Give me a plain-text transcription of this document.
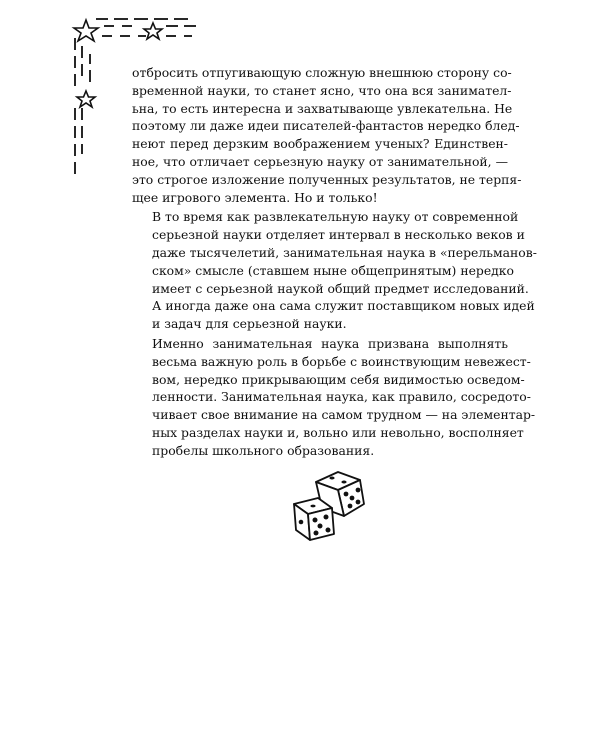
отбросить отпугивающую сложную внешнюю сторону со-
временной науки, то станет ясно, что она вся занимател-
ьна, то есть интересна и захватывающе увлекательна. Не
поэтому ли даже идеи писателей-фантастов нередко блед-
неют перед дерзким воображением ученых? Единствен-
ное, что отличает серьезную науку от занимательной, —
это строгое изложение полученных результатов, не терпя-
щее игрового элемента. Но и только!

В то время как развлекательную науку от современной
серьезной науки отделяет интервал в несколько веков и
даже тысячелетий, занимательная наука в «перельманов-
ском» смысле (ставшем ныне общепринятым) нередко
имеет с серьезной наукой общий предмет исследований.
А иногда даже она сама служит поставщиком новых идей
и задач для серьезной науки.

Именно занимательная наука призвана выполнять
весьма важную роль в борьбе с воинствующим невежест-
вом, нередко прикрывающим себя видимостью осведом-
ленности. Занимательная наука, как правило, сосредото-
чивает свое внимание на самом трудном — на элементар-
ных разделах науки и, вольно или невольно, восполняет
пробелы школьного образования.
